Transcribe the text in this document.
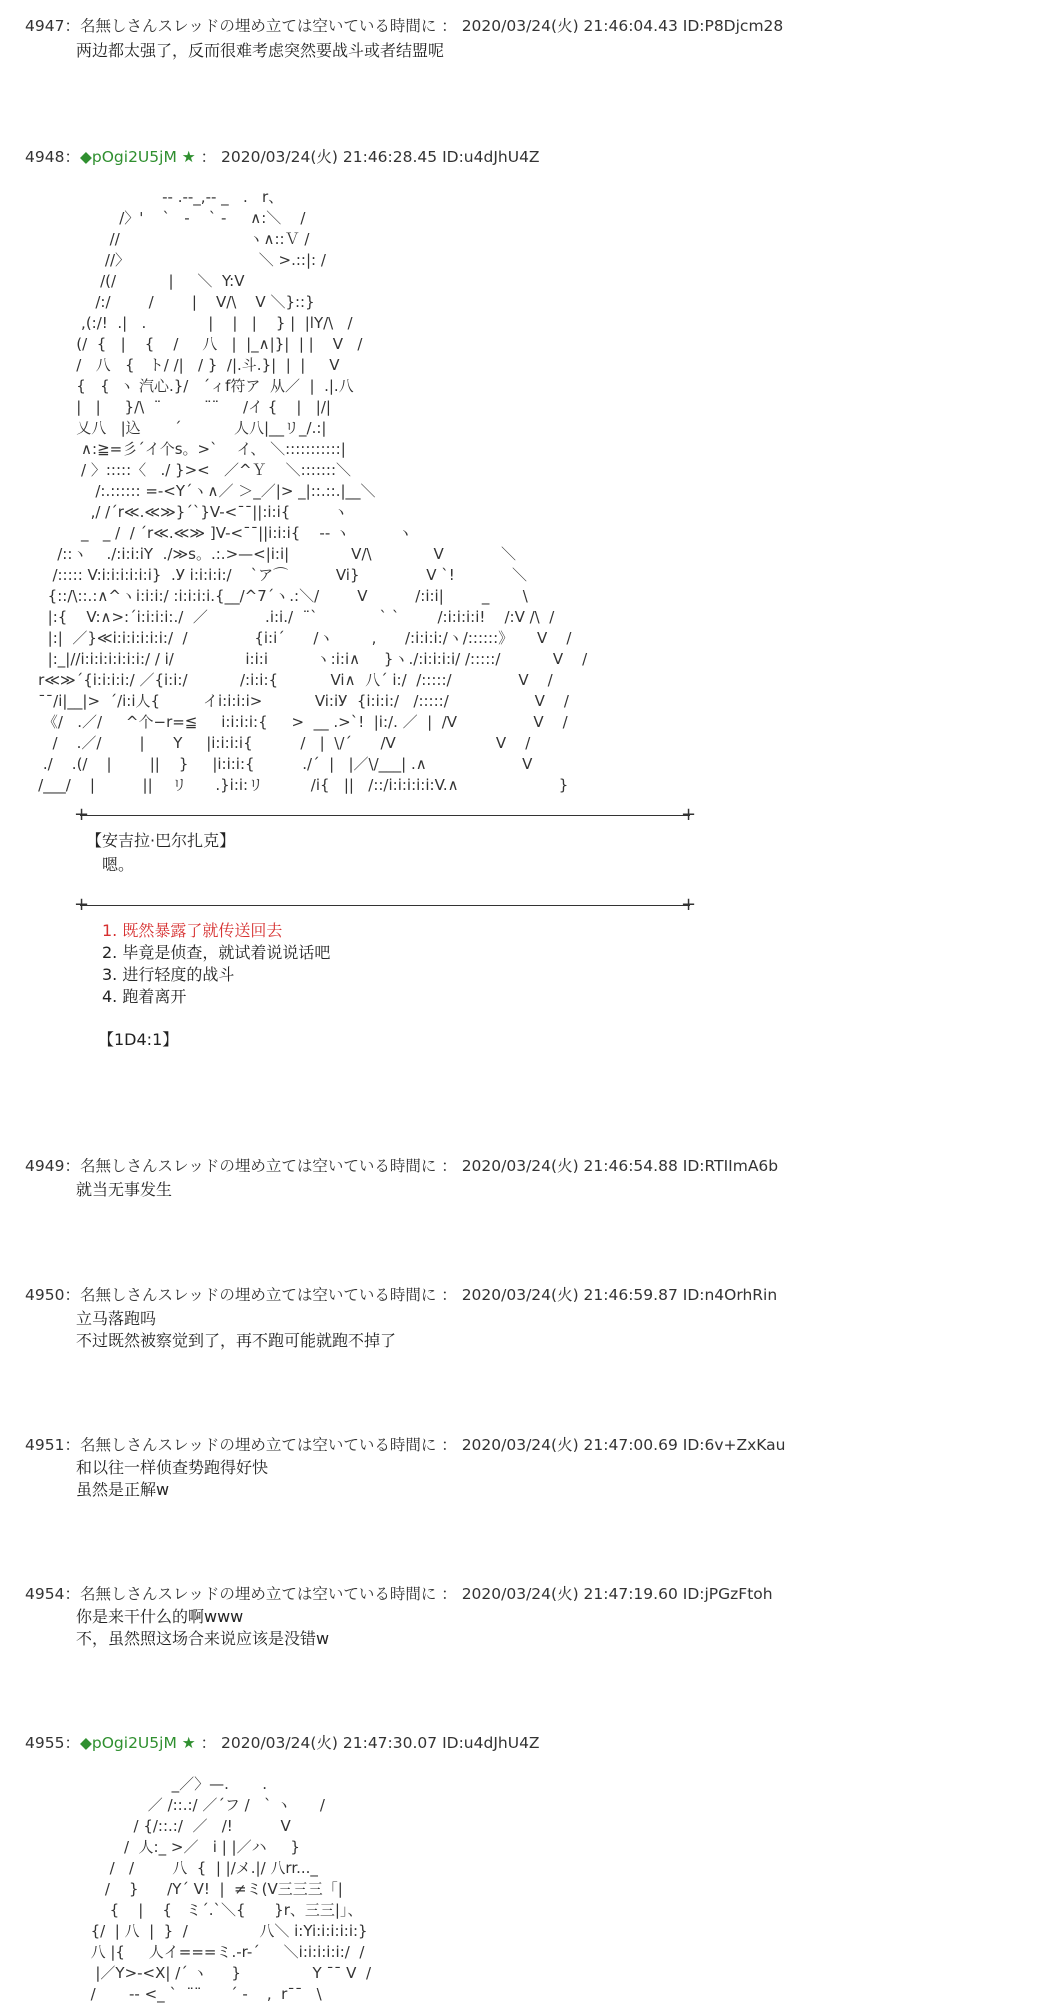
4947：名無しさんスレッドの埋め立ては空いている時間に ： 2020/03/24(火) 21:46:04.43 ID:P8Djcm28
两边都太强了，反而很难考虑突然要战斗或者结盟呢
4948：◆pOgi2U5jM ★ ： 2020/03/24(火) 21:46:28.45 ID:u4dJhU4Z
-‐ .-‐_,-‐ _   .   r、
/〉'    `   ‐    ` ‐     ∧:＼    /
//                           ヽ∧::Ｖ /
//〉                           ＼ >.::|: /
/(/           |     ＼  Y:V
/:/        /        |    V/\    V ＼}::}
,(:/!  .|   .             |    |   |    } |  |lY/\   /
(/  {   |    {    /     八   |  |_∧|}|  | |    V   /
/   八   {   ト/ /|   / }  /|.斗.}|  |  |     V
{   {  ヽ 汽心.}/   ´ィf符ア  从／  |  .|.八
|   |     }/\  ¨         ¨¨     /イ {    |   |/|
乂八   |込       ´           人八|__リ_/.:|
∧:≧=彡´イ个s。>`    イ、 ＼:::::::::::|
/ 〉:::::〈   ./ }><   ／^Ｙ    ＼:::::::＼
/:.:::::: =-<Y´ヽ∧／ ＞_／|> _|::.::.|__＼
,/ /´r≪.≪≫}´`}V-<¯¯||:i:i{         ヽ
_   _ /  / ´r≪.≪≫ ]V-<¯¯||i:i:i{    ‐‐ ヽ          ヽ
/::ヽ    ./:i:i:iY  ./≫s。.:.>—<|i:i|             V/\             V            ＼
/::::: V:i:i:i:i:i:i}  .У i:i:i:i:/    `ア⌒          Vi}              V `!            ＼
{::/\::.:∧^ヽi:i:i:/ :i:i:i:i.{__/^7´ヽ.:＼/        V          /:i:i|        _       \
|:{    V:∧>:´i:i:i:i:./  ／            .i:i./  ¨`             ` `        /:i:i:i:i!    /:V /\  /
|:|  ／}≪i:i:i:i:i:i:/  /              {i:i´      /ヽ        ,      /:i:i:i:/ヽ/::::::》     V    /
|:_|//i:i:i:i:i:i:i:/ / i/               i:i:i          ヽ:i:i∧     }ヽ./:i:i:i:i/ /:::::/           V    /
r≪≫´{i:i:i:i:/ ／{i:i:/           /:i:i:{           Vi∧  八´ i:/  /:::::/              V    /
¯¯/i|__|>  ´/i:i人{         イi:i:i:i>           Vi:iУ  {i:i:i:/   /:::::/                  V    /
《/   .／/     ^个−r=≦     i:i:i:i:{     >  __ .>`!  |i:/. ／  |  /V                V    /
/    .／/        |      Y     |i:i:i:i{          /   |  \/´      /V                     V    /
./    .(/    |        ||    }     |i:i:i:{          ./´  |   |／\/___| .∧                    V
/___/    |          ||    リ      .}i:i:リ          /i{   ||   /::/i:i:i:i:i:V.∧                     }
+	+
【安吉拉·巴尔扎克】
嗯。
+	+
1. 既然暴露了就传送回去
2. 毕竟是侦查，就试着说说话吧
3. 进行轻度的战斗
4. 跑着离开
【1D4:1】
4949：名無しさんスレッドの埋め立ては空いている時間に ： 2020/03/24(火) 21:46:54.88 ID:RTIImA6b
就当无事发生
4950：名無しさんスレッドの埋め立ては空いている時間に ： 2020/03/24(火) 21:46:59.87 ID:n4OrhRin
立马落跑吗
不过既然被察觉到了，再不跑可能就跑不掉了
4951：名無しさんスレッドの埋め立ては空いている時間に ： 2020/03/24(火) 21:47:00.69 ID:6v+ZxKau
和以往一样侦查势跑得好快
虽然是正解w
4954：名無しさんスレッドの埋め立ては空いている時間に ： 2020/03/24(火) 21:47:19.60 ID:jPGzFtoh
你是来干什么的啊www
不，虽然照这场合来说应该是没错w
4955：◆pOgi2U5jM ★ ： 2020/03/24(火) 21:47:30.07 ID:u4dJhU4Z
_／〉—.       .
／ /::.:/ ／´フ /   ` ヽ      /
/ {/::.:/  ／   /!          V
/  人:_ >／   i | |／ハ     }
/   /        八  {  | |/メ.|/ 八rr..._
/    }      /Y´ V!  |  ≠ミ(V三三三「|
{    |    {   ミ´.`＼{      }r、三三|」、
{/  | 八  |  }  /               八＼ i:Yi:i:i:i:i:}
八 |{     人イ===ミ.-r-´     ＼i:i:i:i:i:/  /
|／Y>-<X| /´ ヽ     }               Y ¯¯ V  /
/       -‐ <_ `  ¨¨      ´ -    ,  r¯¯   \
